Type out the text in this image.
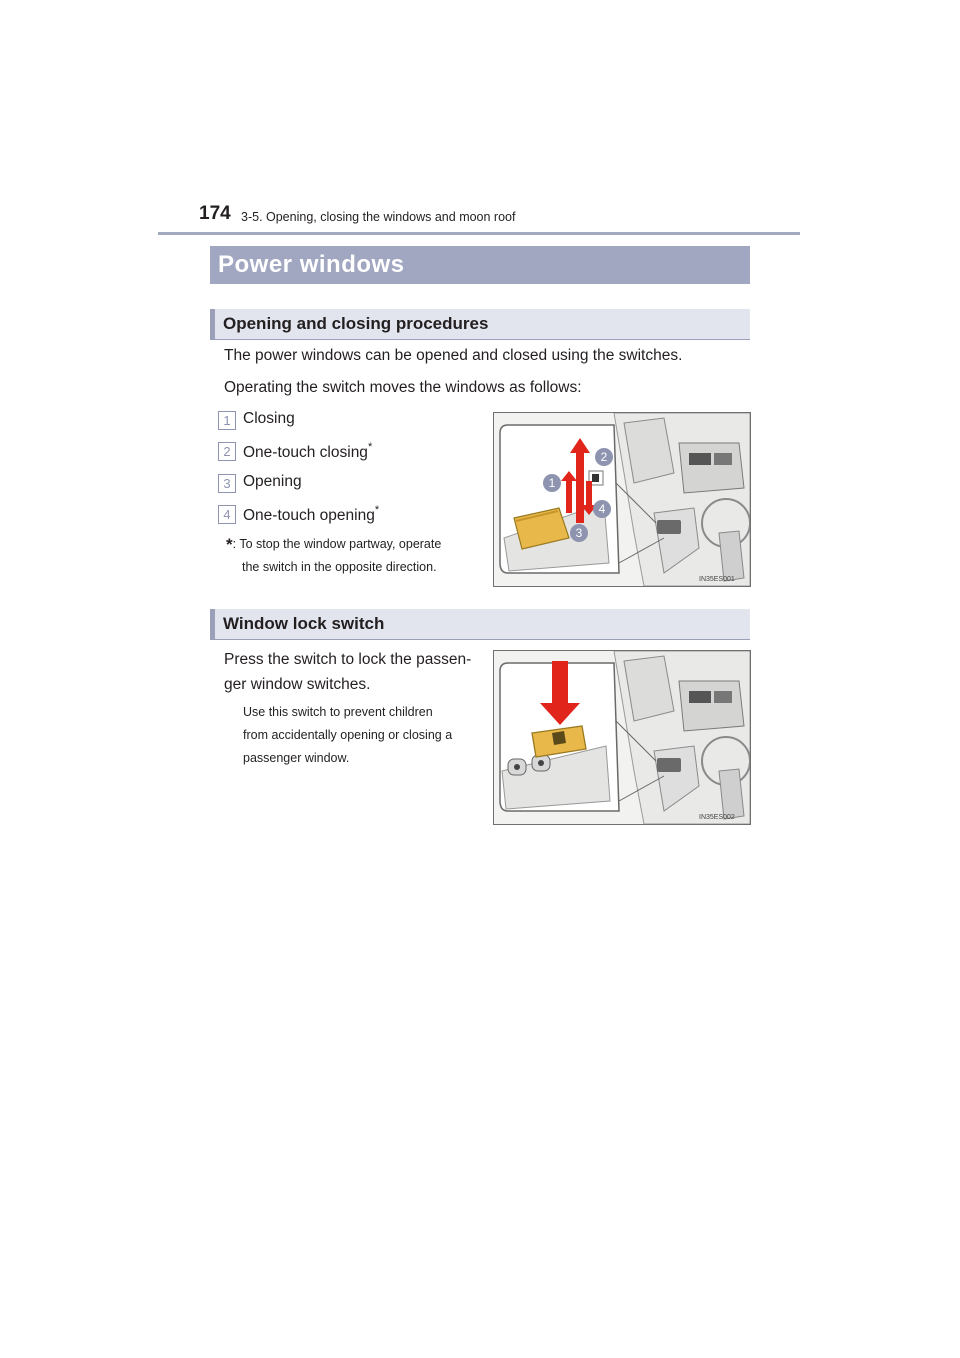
174 3-5. Opening, closing the windows and moon roof
Power windows
Opening and closing procedures
The power windows can be opened and closed using the switches.
Operating the switch moves the windows as follows:
1 Closing
2 One-touch closing*
3 Opening
4 One-touch opening*
*: To stop the window partway, operate
the switch in the opposite direction.
IN35ES001
1
2
3
4
Window lock switch
Press the switch to lock the passen-
ger window switches.
Use this switch to prevent children
from accidentally opening or closing a
passenger window.
IN35ES002
